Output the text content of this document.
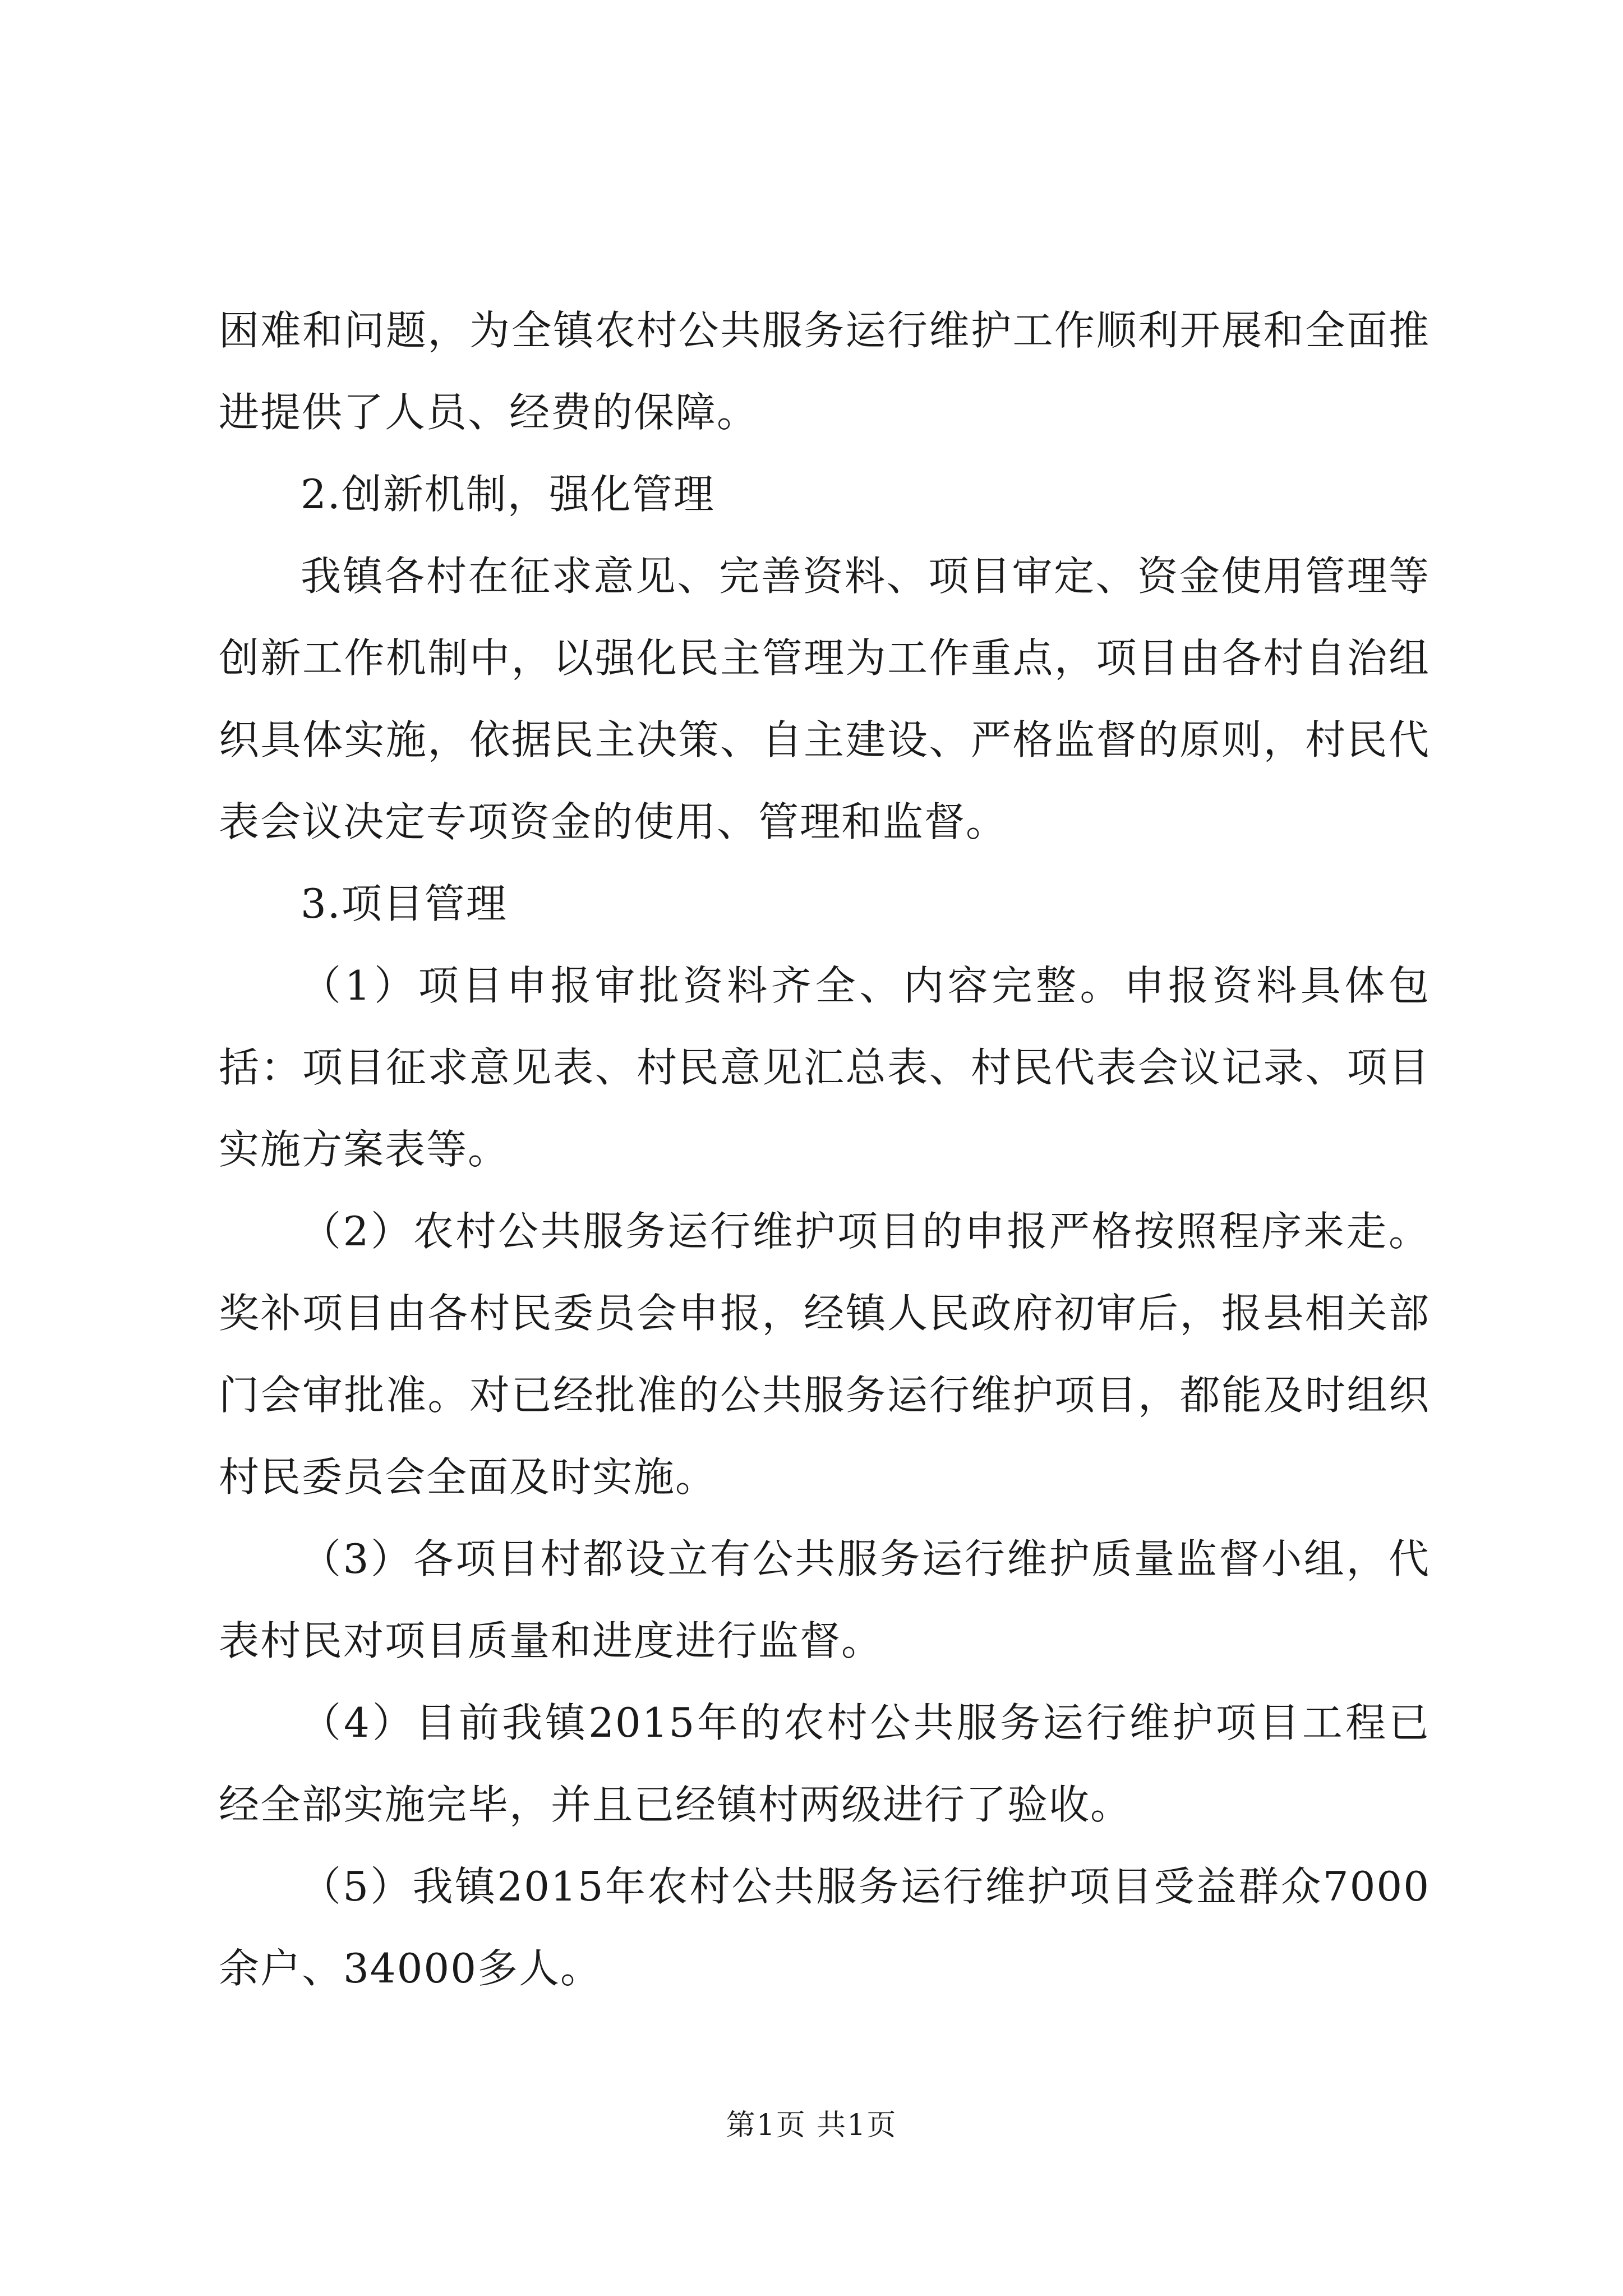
困难和问题，为全镇农村公共服务运行维护工作顺利开展和全面推进提供了人员、经费的保障。

2.创新机制，强化管理

我镇各村在征求意见、完善资料、项目审定、资金使用管理等创新工作机制中，以强化民主管理为工作重点，项目由各村自治组织具体实施，依据民主决策、自主建设、严格监督的原则，村民代表会议决定专项资金的使用、管理和监督。

3.项目管理

（1）项目申报审批资料齐全、内容完整。申报资料具体包括：项目征求意见表、村民意见汇总表、村民代表会议记录、项目实施方案表等。

（2）农村公共服务运行维护项目的申报严格按照程序来走。奖补项目由各村民委员会申报，经镇人民政府初审后，报县相关部门会审批准。对已经批准的公共服务运行维护项目，都能及时组织村民委员会全面及时实施。

（3）各项目村都设立有公共服务运行维护质量监督小组，代表村民对项目质量和进度进行监督。

（4）目前我镇2015年的农村公共服务运行维护项目工程已经全部实施完毕，并且已经镇村两级进行了验收。

（5）我镇2015年农村公共服务运行维护项目受益群众7000余户、34000多人。

第1页 共1页
